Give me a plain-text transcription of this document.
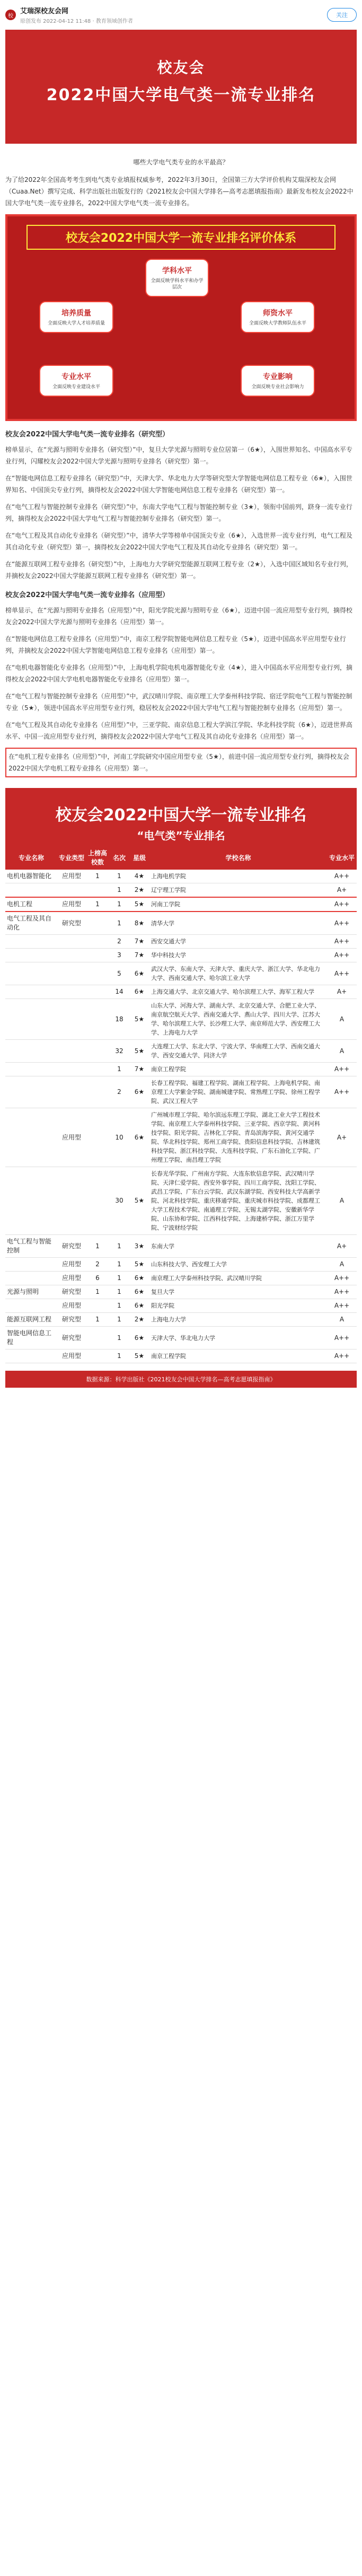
校
艾瑞深校友会网
原创发布 2022-04-12 11:48 · 教育领域创作者
关注
校友会
2022中国大学电气类一流专业排名
哪些大学电气类专业的水平最高？

为了给2022年全国高考考生到电气类专业填报权威参考，2022年3月30日，全国第三方大学评价机构艾瑞深校友会网（Cuaa.Net）撰写完成、科学出版社出版发行的《2021校友会中国大学排名—高考志愿填报指南》最新发布校友会2022中国大学电气类一流专业排名，2022中国大学电气类一流专业排名。

校友会2022中国大学一流专业排名评价体系
学科水平
全面反映学科水平和办学层次
培养质量
全面反映大学人才培养质量
师资水平
全面反映大学教师队伍水平
专业水平
全面反映专业建设水平
专业影响
全面反映专业社会影响力
校友会2022中国大学电气类一流专业排名（研究型）

榜单显示，在“光源与照明专业排名（研究型）”中，复旦大学光源与照明专业位居第一（6★），入围世界知名、中国高水平专业行列，闪耀校友会2022中国大学光源与照明专业排名（研究型）第一。

在“智能电网信息工程专业排名（研究型）”中，天津大学、华北电力大学等研究型大学智能电网信息工程专业（6★），入围世界知名、中国顶尖专业行列，摘得校友会2022中国大学智能电网信息工程专业排名（研究型）第一。

在“电气工程与智能控制专业排名（研究型）”中，东南大学电气工程与智能控制专业（3★），领衔中国前列，跻身一流专业行列，摘得校友会2022中国大学电气工程与智能控制专业排名（研究型）第一。

在“电气工程及其自动化专业排名（研究型）”中，清华大学等榜单中国顶尖专业（6★），入选世界一流专业行列，电气工程及其自动化专业（研究型）第一，摘得校友会2022中国大学电气工程及其自动化专业排名（研究型）第一。

在“能源互联网工程专业排名（研究型）”中，上海电力大学研究型能源互联网工程专业（2★），入选中国区域知名专业行列，并摘校友会2022中国大学能源互联网工程专业排名（研究型）第一。

校友会2022中国大学电气类一流专业排名（应用型）

榜单显示，在“光源与照明专业排名（应用型）”中，阳光学院光源与照明专业（6★），迈进中国一流应用型专业行列，摘得校友会2022中国大学光源与照明专业排名（应用型）第一。

在“智能电网信息工程专业排名（应用型）”中，南京工程学院智能电网信息工程专业（5★），迈进中国高水平应用型专业行列，并摘校友会2022中国大学智能电网信息工程专业排名（应用型）第一。

在“电机电器智能化专业排名（应用型）”中，上海电机学院电机电器智能化专业（4★），进入中国高水平应用型专业行列，摘得校友会2022中国大学电机电器智能化专业排名（应用型）第一。

在“电气工程与智能控制专业排名（应用型）”中，武汉晴川学院、南京理工大学泰州科技学院、宿迁学院电气工程与智能控制专业（5★），领进中国高水平应用型专业行列，稳居校友会2022中国大学电气工程与智能控制专业排名（应用型）第一。

在“电气工程及其自动化专业排名（应用型）”中，三亚学院、南京信息工程大学滨江学院、华北科技学院（6★），迈进世界高水平、中国一流应用型专业行列，摘得校友会2022中国大学电气工程及其自动化专业排名（应用型）第一。

在“电机工程专业排名（应用型）”中，河南工学院研究中国应用型专业（5★），前进中国一流应用型专业行列，摘得校友会2022中国大学电机工程专业排名（应用型）第一。

校友会2022中国大学一流专业排名
“电气类”专业排名
专业名称	专业类型	上榜高校数	名次	星级	学校名称	专业水平
电机电器智能化	应用型	1	1	4★	上海电机学院	A++
			1	2★	辽宁理工学院	A+
电机工程	应用型	1	1	5★	河南工学院	A++
电气工程及其自动化	研究型		1	8★	清华大学	A++
			2	7★	西安交通大学	A++
			3	7★	华中科技大学	A++
			5	6★	武汉大学、东南大学、天津大学、重庆大学、浙江大学、华北电力大学、西南交通大学、哈尔滨工业大学	A++
			14	6★	上海交通大学、北京交通大学、哈尔滨理工大学、海军工程大学	A+
			18	5★	山东大学、河海大学、湖南大学、北京交通大学、合肥工业大学、南京航空航天大学、西南交通大学、燕山大学、四川大学、江苏大学、哈尔滨理工大学、长沙理工大学、南京师范大学、西安理工大学、上海电力大学	A
			32	5★	大连理工大学、东北大学、宁波大学、华南理工大学、西南交通大学、西安交通大学、同济大学	A
			1	7★	南京工程学院	A++
			2	6★	长春工程学院、福建工程学院、湖南工程学院、上海电机学院、南京理工大学紫金学院、湖南城建学院、常熟理工学院、徐州工程学院、武汉工程大学	A++
	应用型		10	6★	广州城市理工学院、哈尔滨远东理工学院、湖北工业大学工程技术学院、南京理工大学泰州科技学院、三亚学院、西京学院、黄河科技学院、阳光学院、吉林化工学院、青岛滨海学院、黄河交通学院、华北科技学院、郑州工商学院、贵阳信息科技学院、吉林建筑科技学院、浙江科技学院、大连科技学院、广东石油化工学院、广州理工学院、南昌理工学院	A+
			30	5★	长春光华学院、广州南方学院、大连东软信息学院、武汉晴川学院、天津仁爱学院、西安外事学院、四川工商学院、沈阳工学院、武昌工学院、广东白云学院、武汉东湖学院、西安科技大学高新学院、河北科技学院、重庆移通学院、重庆城市科技学院、成都理工大学工程技术学院、南通理工学院、无锡太湖学院、安徽新华学院、山东协和学院、江西科技学院、上海建桥学院、浙江万里学院、宁波财经学院	A
电气工程与智能控制	研究型	1	1	3★	东南大学	A+
	应用型	2	1	5★	山东科技大学、西安理工大学	A
	应用型	6	1	6★	南京理工大学泰州科技学院、武汉晴川学院	A++
光源与照明	研究型	1	1	6★	复旦大学	A++
	应用型		1	6★	阳光学院	A++
能源互联网工程	研究型	1	1	2★	上海电力大学	A
智能电网信息工程	研究型		1	6★	天津大学、华北电力大学	A++
	应用型		1	5★	南京工程学院	A++
数据来源：科学出版社《2021校友会中国大学排名—高考志愿填报指南》
